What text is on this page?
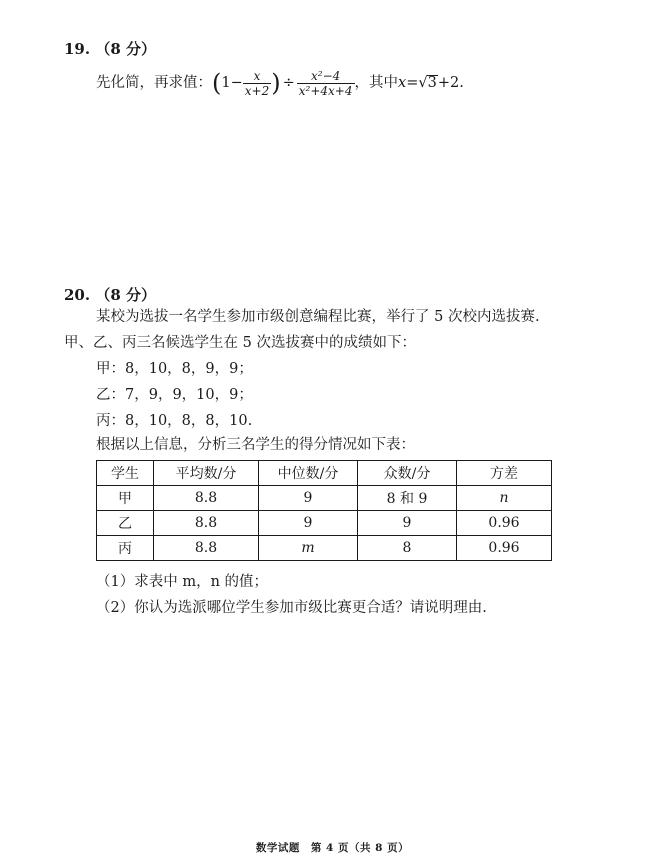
19. （8 分）
先化简，再求值： ( $1 - \frac{x}{x+2}$ ) ÷ $\frac{\text{x²−4}}{\text{x²+4x+4}}$ ，其中 x = √ 3 +2.
20. （8 分）
某校为选拔一名学生参加市级创意编程比赛，举行了 5 次校内选拔赛.
甲、乙、丙三名候选学生在 5 次选拔赛中的成绩如下：
甲：8，10，8，9，9；
乙：7，9，9，10，9；
丙：8，10，8，8，10.
根据以上信息，分析三名学生的得分情况如下表：
学生	平均数/分	中位数/分	众数/分	方差
甲	8.8	9	8 和 9	n
乙	8.8	9	9	0.96
丙	8.8	m	8	0.96
（1）求表中 m，n 的值；
（2）你认为选派哪位学生参加市级比赛更合适？请说明理由.
数学试题　第 4 页（共 8 页）
